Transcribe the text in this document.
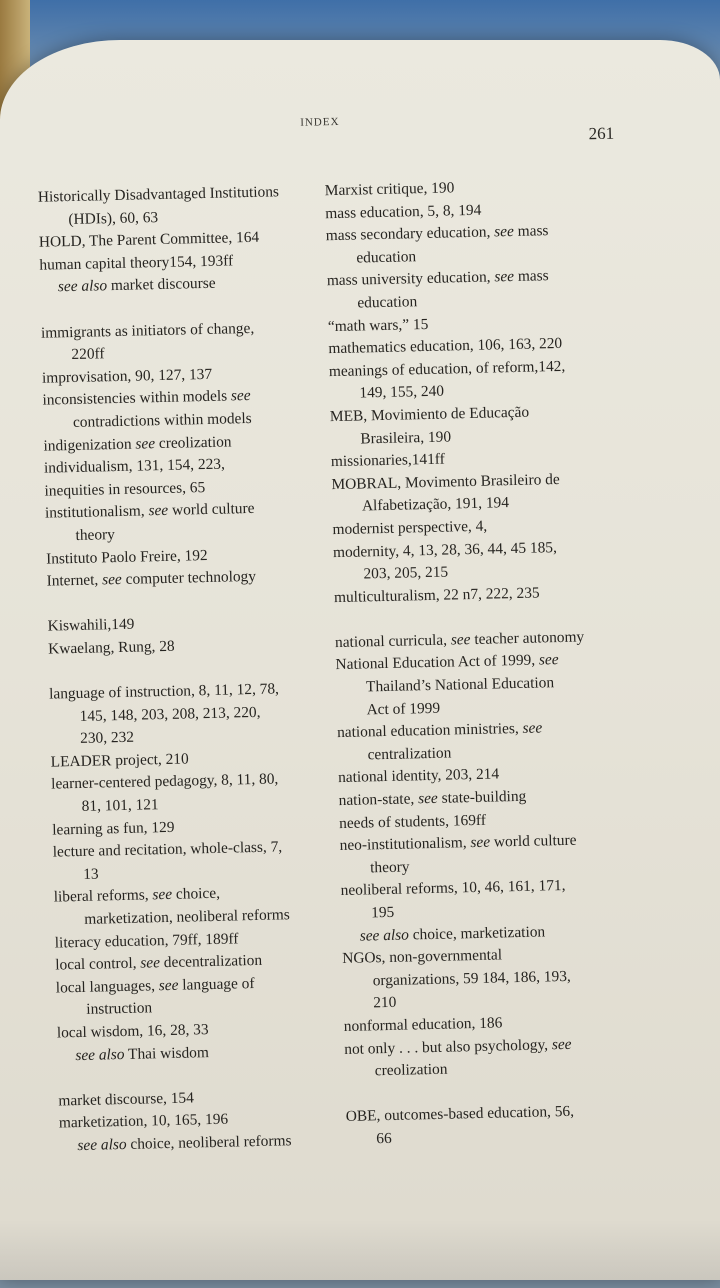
INDEX
261

Historically Disadvantaged Institutions

(HDIs), 60, 63

HOLD, The Parent Committee, 164

human capital theory154, 193ff

see also market discourse

immigrants as initiators of change,

220ff

improvisation, 90, 127, 137

inconsistencies within models see

contradictions within models

indigenization see creolization

individualism, 131, 154, 223,

inequities in resources, 65

institutionalism, see world culture

theory

Instituto Paolo Freire, 192

Internet, see computer technology

Kiswahili,149

Kwaelang, Rung, 28

language of instruction, 8, 11, 12, 78,

145, 148, 203, 208, 213, 220,

230, 232

LEADER project, 210

learner-centered pedagogy, 8, 11, 80,

81, 101, 121

learning as fun, 129

lecture and recitation, whole-class, 7,

13

liberal reforms, see choice,

marketization, neoliberal reforms

literacy education, 79ff, 189ff

local control, see decentralization

local languages, see language of

instruction

local wisdom, 16, 28, 33

see also Thai wisdom

market discourse, 154

marketization, 10, 165, 196

see also choice, neoliberal reforms

Marxist critique, 190

mass education, 5, 8, 194

mass secondary education, see mass

education

mass university education, see mass

education

“math wars,” 15

mathematics education, 106, 163, 220

meanings of education, of reform,142,

149, 155, 240

MEB, Movimiento de Educação

Brasileira, 190

missionaries,141ff

MOBRAL, Movimento Brasileiro de

Alfabetização, 191, 194

modernist perspective, 4,

modernity, 4, 13, 28, 36, 44, 45 185,

203, 205, 215

multiculturalism, 22 n7, 222, 235

national curricula, see teacher autonomy

National Education Act of 1999, see

Thailand’s National Education

Act of 1999

national education ministries, see

centralization

national identity, 203, 214

nation-state, see state-building

needs of students, 169ff

neo-institutionalism, see world culture

theory

neoliberal reforms, 10, 46, 161, 171,

195

see also choice, marketization

NGOs, non-governmental

organizations, 59 184, 186, 193,

210

nonformal education, 186

not only . . . but also psychology, see

creolization

OBE, outcomes-based education, 56,

66
